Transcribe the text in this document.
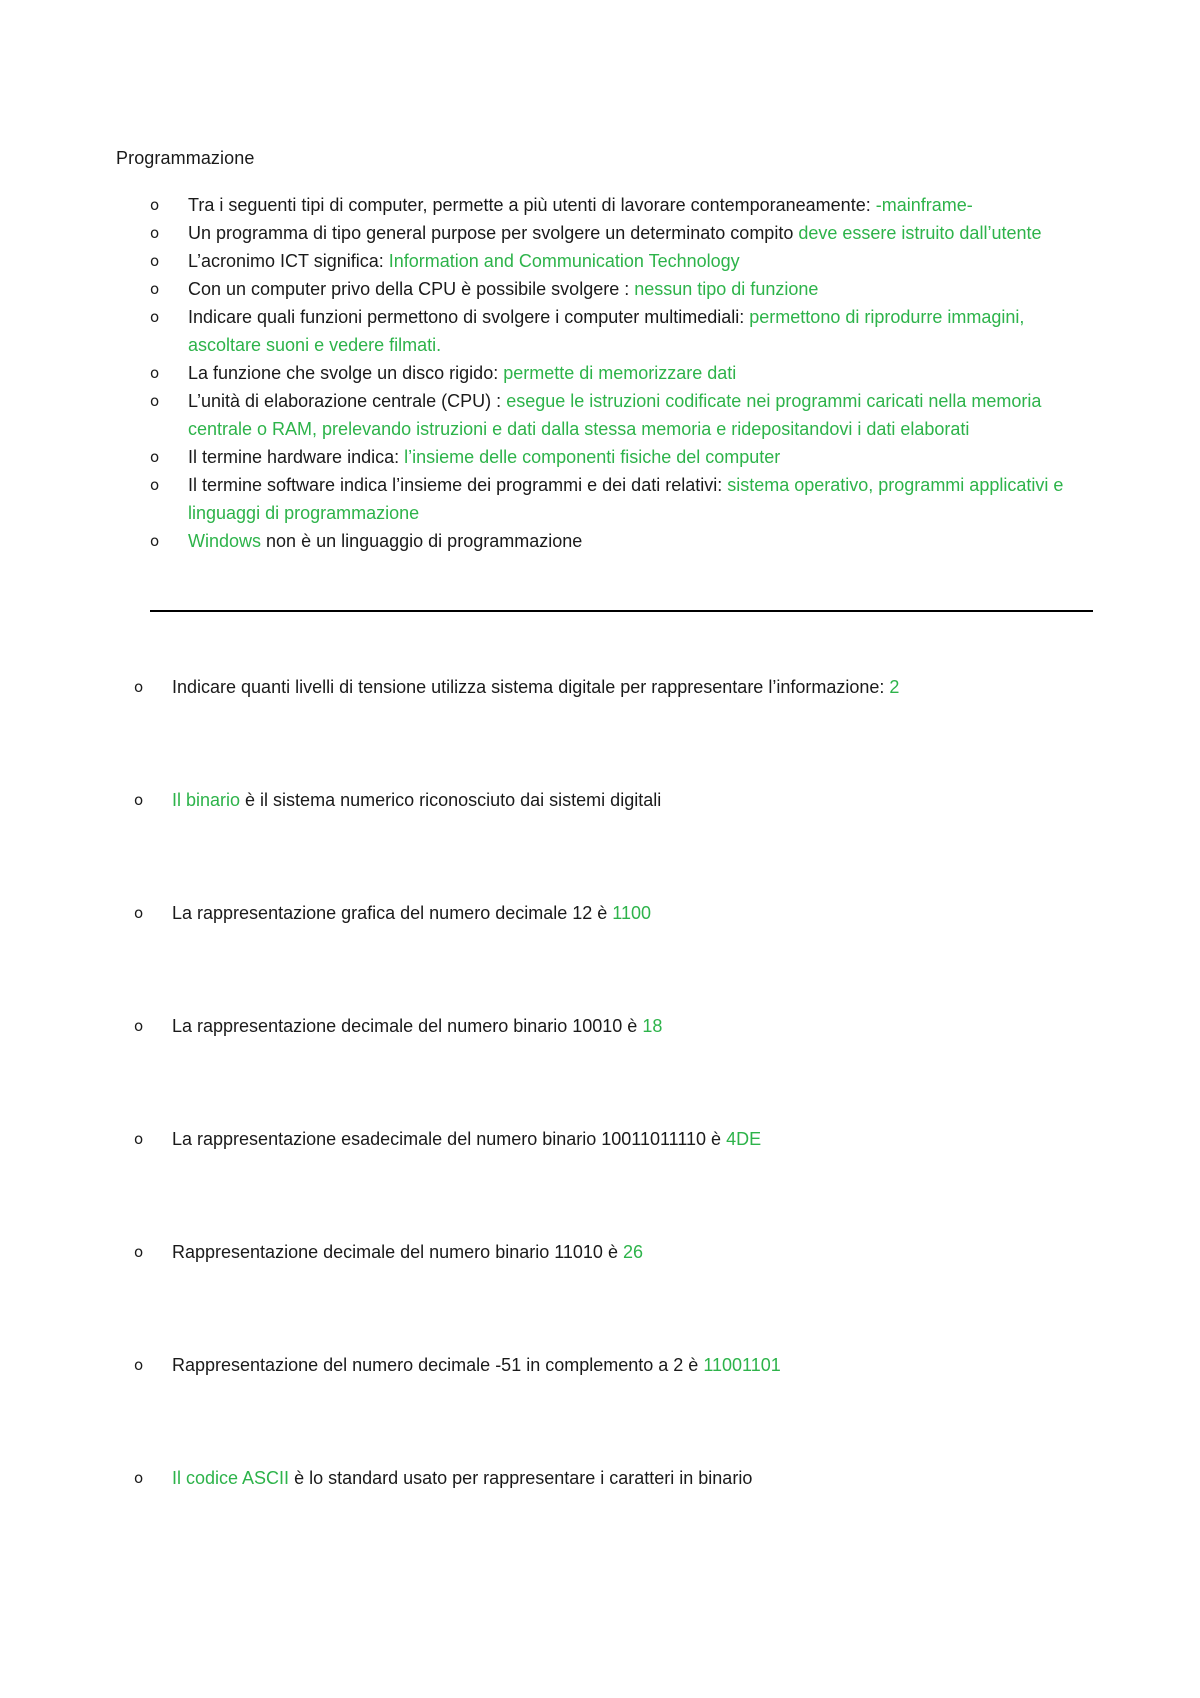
Programmazione
o Tra i seguenti tipi di computer, permette a più utenti di lavorare contemporaneamente: -mainframe-
o Un programma di tipo general purpose per svolgere un determinato compito deve essere istruito dall’utente
o L’acronimo ICT significa: Information and Communication Technology
o Con un computer privo della CPU è possibile svolgere : nessun tipo di funzione
o Indicare quali funzioni permettono di svolgere i computer multimediali: permettono di riprodurre immagini, ascoltare suoni e vedere filmati.
o La funzione che svolge un disco rigido: permette di memorizzare dati
o L’unità di elaborazione centrale (CPU) : esegue le istruzioni codificate nei programmi caricati nella memoria centrale o RAM, prelevando istruzioni e dati dalla stessa memoria e ridepositandovi i dati elaborati
o Il termine hardware indica: l’insieme delle componenti fisiche del computer
o Il termine software indica l’insieme dei programmi e dei dati relativi: sistema operativo, programmi applicativi e linguaggi di programmazione
o Windows non è un linguaggio di programmazione
o Indicare quanti livelli di tensione utilizza sistema digitale per rappresentare l’informazione: 2
o Il binario è il sistema numerico riconosciuto dai sistemi digitali
o La rappresentazione grafica del numero decimale 12 è 1100
o La rappresentazione decimale del numero binario 10010 è 18
o La rappresentazione esadecimale del numero binario 10011011110 è 4DE
o Rappresentazione decimale del numero binario 11010 è 26
o Rappresentazione del numero decimale -51 in complemento a 2 è 11001101
o Il codice ASCII è lo standard usato per rappresentare i caratteri in binario
